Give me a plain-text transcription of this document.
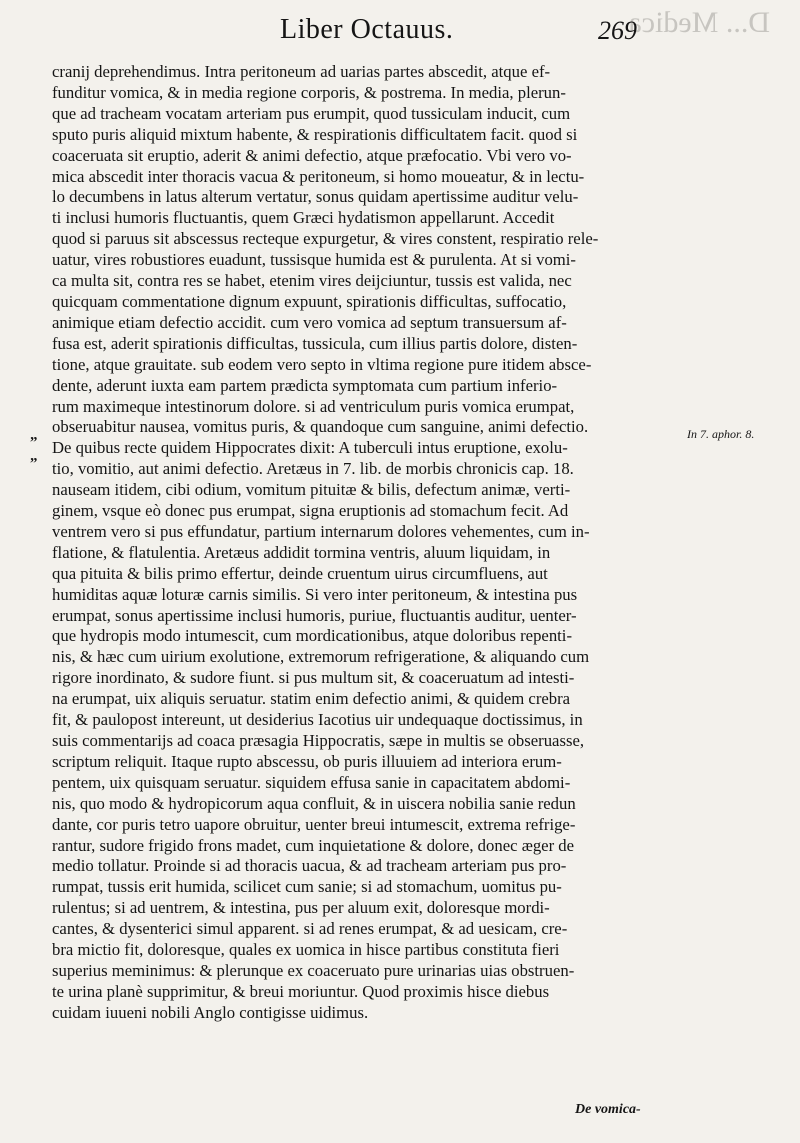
D... Medica
Liber Octauus.	269
cranij deprehendimus. Intra peritoneum ad uarias partes abscedit, atque ef-
funditur vomica, & in media regione corporis, & postrema. In media, plerun-
que ad tracheam vocatam arteriam pus erumpit, quod tussiculam inducit, cum
sputo puris aliquid mixtum habente, & respirationis difficultatem facit. quod si
coaceruata sit eruptio, aderit & animi defectio, atque præfocatio. Vbi vero vo-
mica abscedit inter thoracis vacua & peritoneum, si homo moueatur, & in lectu-
lo decumbens in latus alterum vertatur, sonus quidam apertissime auditur velu-
ti inclusi humoris fluctuantis, quem Græci hydatismon appellarunt. Accedit
quod si paruus sit abscessus recteque expurgetur, & vires constent, respiratio rele-
uatur, vires robustiores euadunt, tussisque humida est & purulenta. At si vomi-
ca multa sit, contra res se habet, etenim vires deijciuntur, tussis est valida, nec
quicquam commentatione dignum expuunt, spirationis difficultas, suffocatio,
animique etiam defectio accidit. cum vero vomica ad septum transuersum af-
fusa est, aderit spirationis difficultas, tussicula, cum illius partis dolore, disten-
tione, atque grauitate. sub eodem vero septo in vltima regione pure itidem absce-
dente, aderunt iuxta eam partem prædicta symptomata cum partium inferio-
rum maximeque intestinorum dolore. si ad ventriculum puris vomica erumpat,
obseruabitur nausea, vomitus puris, & quandoque cum sanguine, animi defectio.
De quibus recte quidem Hippocrates dixit: A tuberculi intus eruptione, exolu-
tio, vomitio, aut animi defectio. Aretæus in 7. lib. de morbis chronicis cap. 18.
nauseam itidem, cibi odium, vomitum pituitæ & bilis, defectum animæ, verti-
ginem, vsque eò donec pus erumpat, signa eruptionis ad stomachum fecit. Ad
ventrem vero si pus effundatur, partium internarum dolores vehementes, cum in-
flatione, & flatulentia. Aretæus addidit tormina ventris, aluum liquidam, in
qua pituita & bilis primo effertur, deinde cruentum uirus circumfluens, aut
humiditas aquæ loturæ carnis similis. Si vero inter peritoneum, & intestina pus
erumpat, sonus apertissime inclusi humoris, puriue, fluctuantis auditur, uenter-
que hydropis modo intumescit, cum mordicationibus, atque doloribus repenti-
nis, & hæc cum uirium exolutione, extremorum refrigeratione, & aliquando cum
rigore inordinato, & sudore fiunt. si pus multum sit, & coaceruatum ad intesti-
na erumpat, uix aliquis seruatur. statim enim defectio animi, & quidem crebra
fit, & paulopost intereunt, ut desiderius Iacotius uir undequaque doctissimus, in
suis commentarijs ad coaca præsagia Hippocratis, sæpe in multis se obseruasse,
scriptum reliquit. Itaque rupto abscessu, ob puris illuuiem ad interiora erum-
pentem, uix quisquam seruatur. siquidem effusa sanie in capacitatem abdomi-
nis, quo modo & hydropicorum aqua confluit, & in uiscera nobilia sanie redun
dante, cor puris tetro uapore obruitur, uenter breui intumescit, extrema refrige-
rantur, sudore frigido frons madet, cum inquietatione & dolore, donec æger de
medio tollatur. Proinde si ad thoracis uacua, & ad tracheam arteriam pus pro-
rumpat, tussis erit humida, scilicet cum sanie; si ad stomachum, uomitus pu-
rulentus; si ad uentrem, & intestina, pus per aluum exit, doloresque mordi-
cantes, & dysenterici simul apparent. si ad renes erumpat, & ad uesicam, cre-
bra mictio fit, doloresque, quales ex uomica in hisce partibus constituta fieri
superius meminimus: & plerunque ex coaceruato pure urinarias uias obstruen-
te urina planè supprimitur, & breui moriuntur. Quod proximis hisce diebus
cuidam iuueni nobili Anglo contigisse uidimus.
„
„
In 7. aphor. 8.
De vomica-
